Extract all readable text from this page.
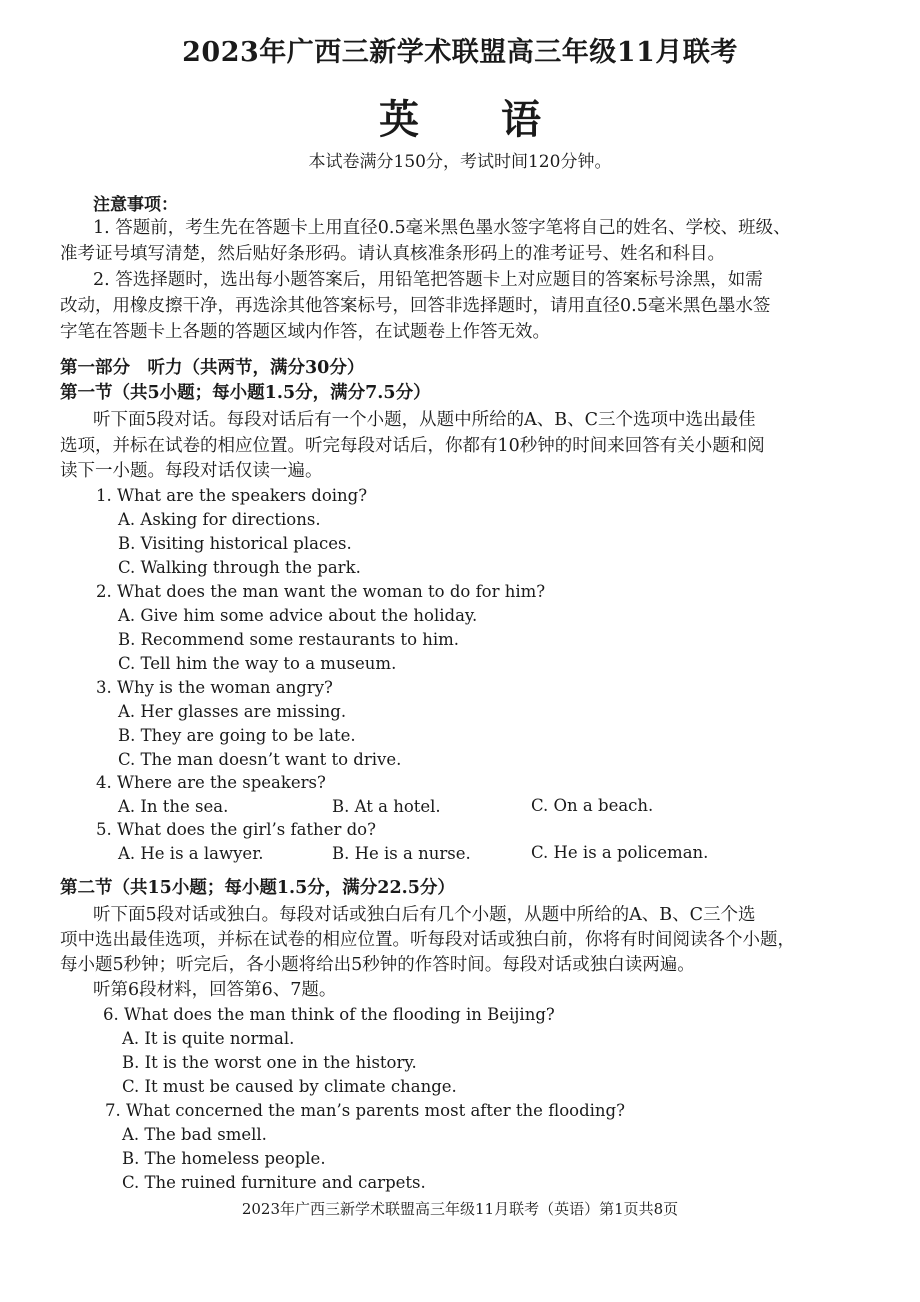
2023年广西三新学术联盟高三年级11月联考
英 语
本试卷满分150分，考试时间120分钟。
注意事项：
1. 答题前，考生先在答题卡上用直径0.5毫米黑色墨水签字笔将自己的姓名、学校、班级、
准考证号填写清楚，然后贴好条形码。请认真核准条形码上的准考证号、姓名和科目。
2. 答选择题时，选出每小题答案后，用铅笔把答题卡上对应题目的答案标号涂黑，如需
改动，用橡皮擦干净，再选涂其他答案标号，回答非选择题时，请用直径0.5毫米黑色墨水签
字笔在答题卡上各题的答题区域内作答，在试题卷上作答无效。
第一部分　听力（共两节，满分30分）
第一节（共5小题；每小题1.5分，满分7.5分）
听下面5段对话。每段对话后有一个小题，从题中所给的A、B、C三个选项中选出最佳
选项，并标在试卷的相应位置。听完每段对话后，你都有10秒钟的时间来回答有关小题和阅
读下一小题。每段对话仅读一遍。
1. What are the speakers doing?
A. Asking for directions.
B. Visiting historical places.
C. Walking through the park.
2. What does the man want the woman to do for him?
A. Give him some advice about the holiday.
B. Recommend some restaurants to him.
C. Tell him the way to a museum.
3. Why is the woman angry?
A. Her glasses are missing.
B. They are going to be late.
C. The man doesn’t want to drive.
4. Where are the speakers?
A. In the sea.	B. At a hotel.	C. On a beach.
5. What does the girl’s father do?
A. He is a lawyer.	B. He is a nurse.	C. He is a policeman.
第二节（共15小题；每小题1.5分，满分22.5分）
听下面5段对话或独白。每段对话或独白后有几个小题，从题中所给的A、B、C三个选
项中选出最佳选项，并标在试卷的相应位置。听每段对话或独白前，你将有时间阅读各个小题，
每小题5秒钟；听完后，各小题将给出5秒钟的作答时间。每段对话或独白读两遍。
听第6段材料，回答第6、7题。
6. What does the man think of the flooding in Beijing?
A. It is quite normal.
B. It is the worst one in the history.
C. It must be caused by climate change.
7. What concerned the man’s parents most after the flooding?
A. The bad smell.
B. The homeless people.
C. The ruined furniture and carpets.
2023年广西三新学术联盟高三年级11月联考（英语）第1页共8页
